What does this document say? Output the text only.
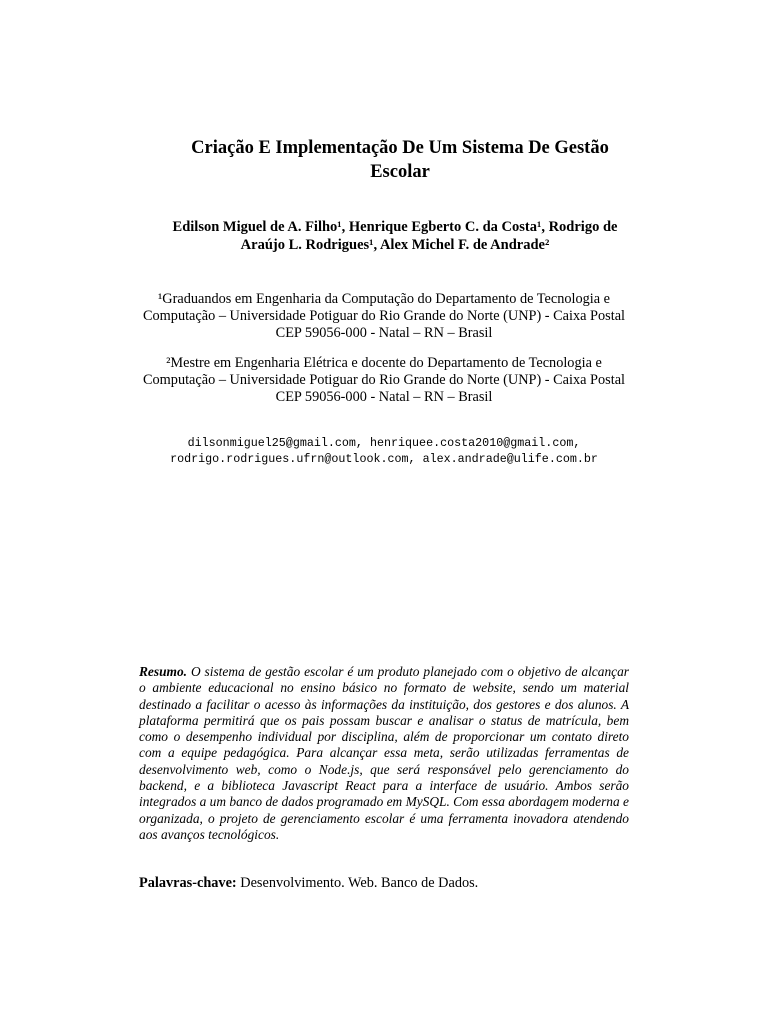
Criação E Implementação De Um Sistema De Gestão
Escolar
Edilson Miguel de A. Filho¹, Henrique Egberto C. da Costa¹, Rodrigo de
Araújo L. Rodrigues¹, Alex Michel F. de Andrade²
¹Graduandos em Engenharia da Computação do Departamento de Tecnologia e
Computação – Universidade Potiguar do Rio Grande do Norte (UNP) - Caixa Postal
CEP 59056-000 - Natal – RN – Brasil
²Mestre em Engenharia Elétrica e docente do Departamento de Tecnologia e
Computação – Universidade Potiguar do Rio Grande do Norte (UNP) - Caixa Postal
CEP 59056-000 - Natal – RN – Brasil
dilsonmiguel25@gmail.com, henriquee.costa2010@gmail.com,
rodrigo.rodrigues.ufrn@outlook.com, alex.andrade@ulife.com.br
Resumo. O sistema de gestão escolar é um produto planejado com o objetivo de alcançar o ambiente educacional no ensino básico no formato de website, sendo um material destinado a facilitar o acesso às informações da instituição, dos gestores e dos alunos. A plataforma permitirá que os pais possam buscar e analisar o status de matrícula, bem como o desempenho individual por disciplina, além de proporcionar um contato direto com a equipe pedagógica. Para alcançar essa meta, serão utilizadas ferramentas de desenvolvimento web, como o Node.js, que será responsável pelo gerenciamento do backend, e a biblioteca Javascript React para a interface de usuário. Ambos serão integrados a um banco de dados programado em MySQL. Com essa abordagem moderna e organizada, o projeto de gerenciamento escolar é uma ferramenta inovadora atendendo aos avanços tecnológicos.
Palavras-chave: Desenvolvimento. Web. Banco de Dados.
